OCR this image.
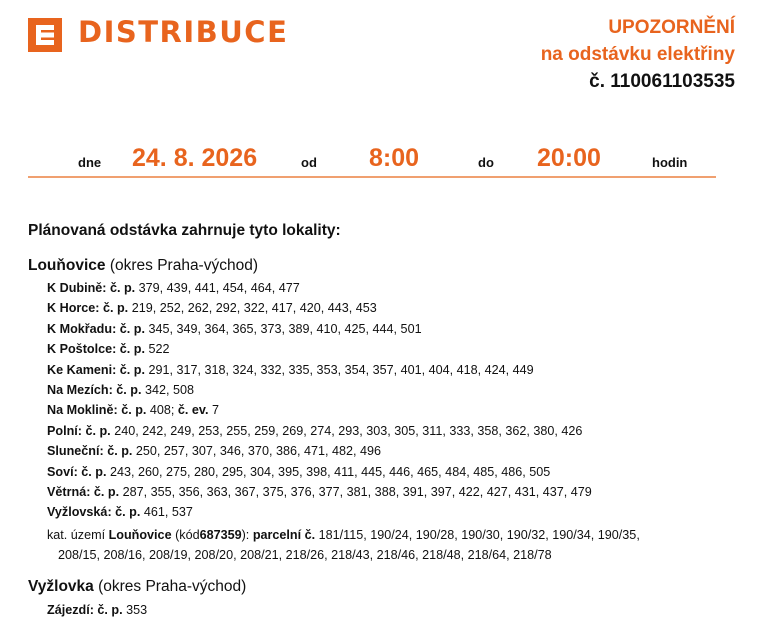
DISTRIBUCE	UPOZORNĚNÍ
na odstávku elektřiny
č. 110061103535
dne 24. 8. 2026	od 8:00	do 20:00	hodin
Plánovaná odstávka zahrnuje tyto lokality:
Louňovice (okres Praha-východ)
K Dubině: č. p. 379, 439, 441, 454, 464, 477
K Horce: č. p. 219, 252, 262, 292, 322, 417, 420, 443, 453
K Mokřadu: č. p. 345, 349, 364, 365, 373, 389, 410, 425, 444, 501
K Poštolce: č. p. 522
Ke Kameni: č. p. 291, 317, 318, 324, 332, 335, 353, 354, 357, 401, 404, 418, 424, 449
Na Mezích: č. p. 342, 508
Na Moklině: č. p. 408; č. ev. 7
Polní: č. p. 240, 242, 249, 253, 255, 259, 269, 274, 293, 303, 305, 311, 333, 358, 362, 380, 426
Sluneční: č. p. 250, 257, 307, 346, 370, 386, 471, 482, 496
Soví: č. p. 243, 260, 275, 280, 295, 304, 395, 398, 411, 445, 446, 465, 484, 485, 486, 505
Větrná: č. p. 287, 355, 356, 363, 367, 375, 376, 377, 381, 388, 391, 397, 422, 427, 431, 437, 479
Vyžlovská: č. p. 461, 537
kat. území Louňovice (kód687359): parcelní č. 181/115, 190/24, 190/28, 190/30, 190/32, 190/34, 190/35,
208/15, 208/16, 208/19, 208/20, 208/21, 218/26, 218/43, 218/46, 218/48, 218/64, 218/78
Vyžlovka (okres Praha-východ)
Zájezdí: č. p. 353
